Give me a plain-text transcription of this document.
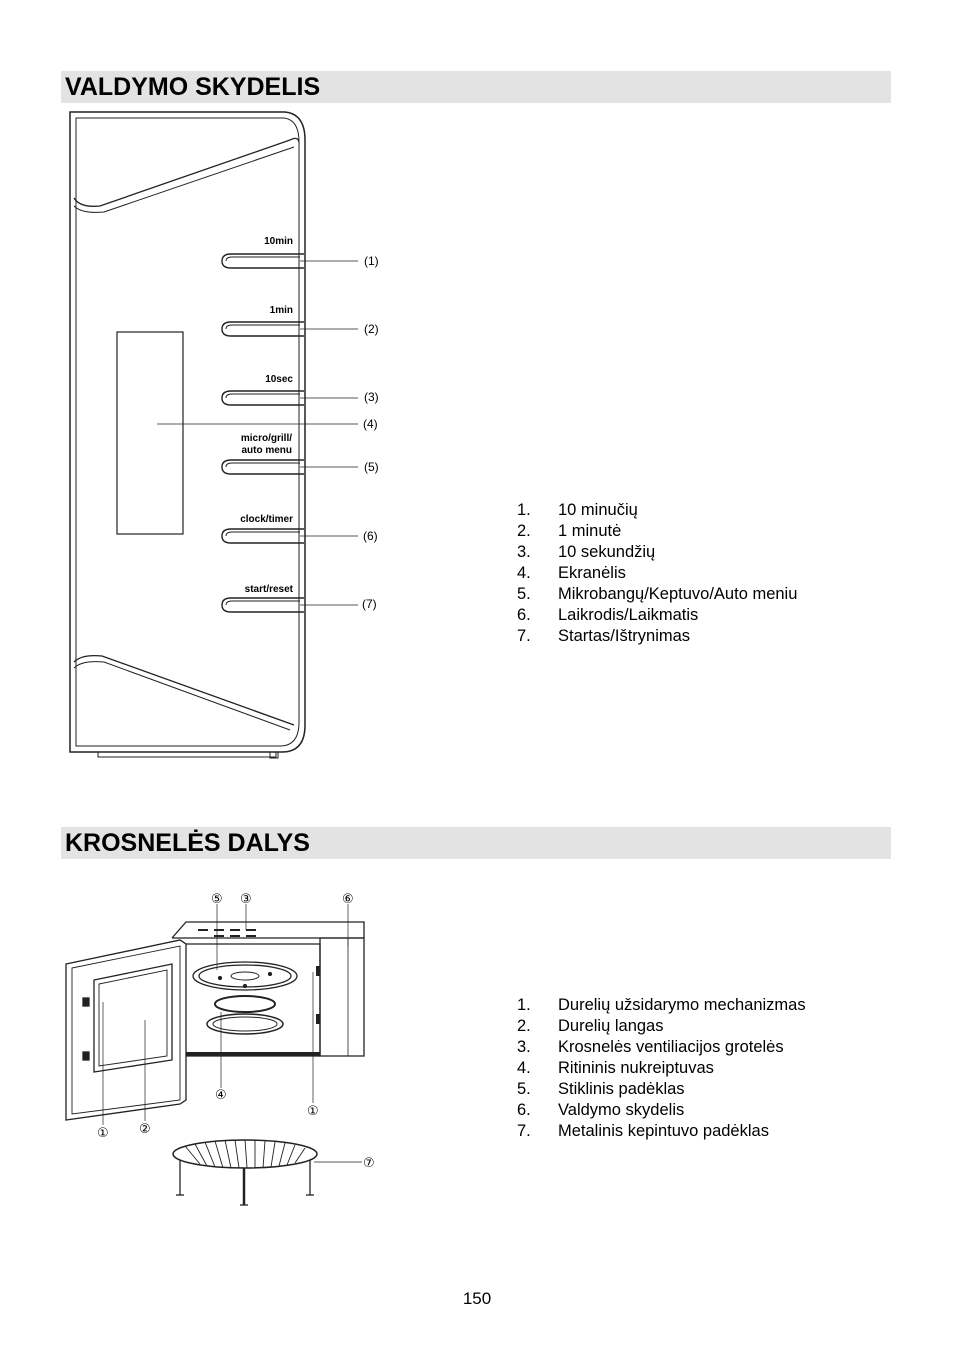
VALDYMO SKYDELIS
(4)
10min
(1)
1min
(2)
10sec
(3)
micro/grill/
auto menu
(5)
clock/timer
(6)
start/reset
(7)
1. 10 minučių
2. 1 minutė
3. 10 sekundžių
4. Ekranėlis
5. Mikrobangų/Keptuvo/Auto meniu
6. Laikrodis/Laikmatis
7. Startas/Ištrynimas
KROSNELĖS DALYS
⑤ ③	⑥
④
①
① ②
⑦
1. Durelių užsidarymo mechanizmas
2. Durelių langas
3. Krosnelės ventiliacijos grotelės
4. Ritininis nukreiptuvas
5. Stiklinis padėklas
6. Valdymo skydelis
7. Metalinis kepintuvo padėklas
150
